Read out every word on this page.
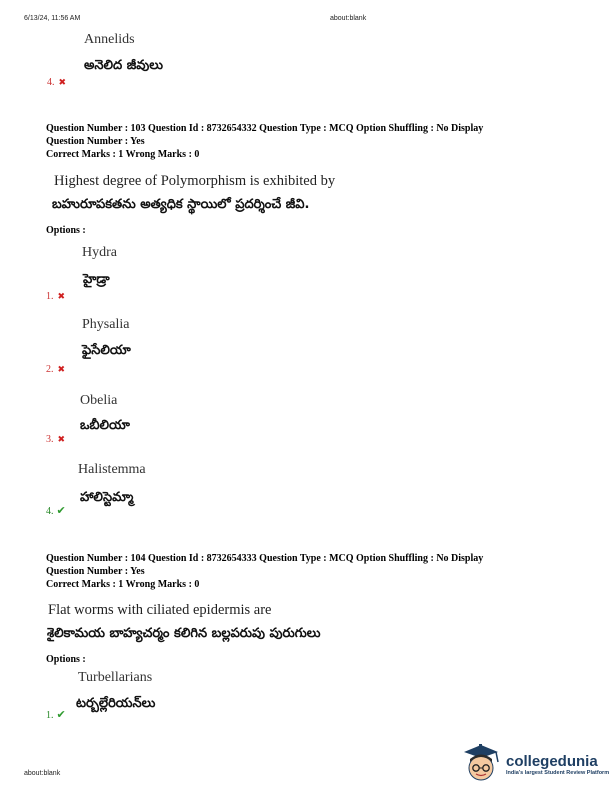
6/13/24, 11:56 AM	about:blank
Annelids
అనెలిద జీవులు
4. ✖
Question Number : 103 Question Id : 8732654332 Question Type : MCQ Option Shuffling : No Display
Question Number : Yes
Correct Marks : 1 Wrong Marks : 0
Highest degree of Polymorphism is exhibited by
బహురూపకతను అత్యధిక స్థాయిలో ప్రదర్శించే జీవి.
Options :
Hydra
హైడ్రా
1. ✖
Physalia
ఫైసేలియా
2. ✖
Obelia
ఒబీలియా
3. ✖
Halistemma
హాలిస్టెమ్మా
4. ✔
Question Number : 104 Question Id : 8732654333 Question Type : MCQ Option Shuffling : No Display
Question Number : Yes
Correct Marks : 1 Wrong Marks : 0
Flat worms with ciliated epidermis are
శైలికామయ బాహ్యచర్మం కలిగిన బల్లపరుపు పురుగులు
Options :
Turbellarians
టర్బల్లేరియన్‌లు
1. ✔
about:blank
collegedunia
India's largest Student Review Platform
